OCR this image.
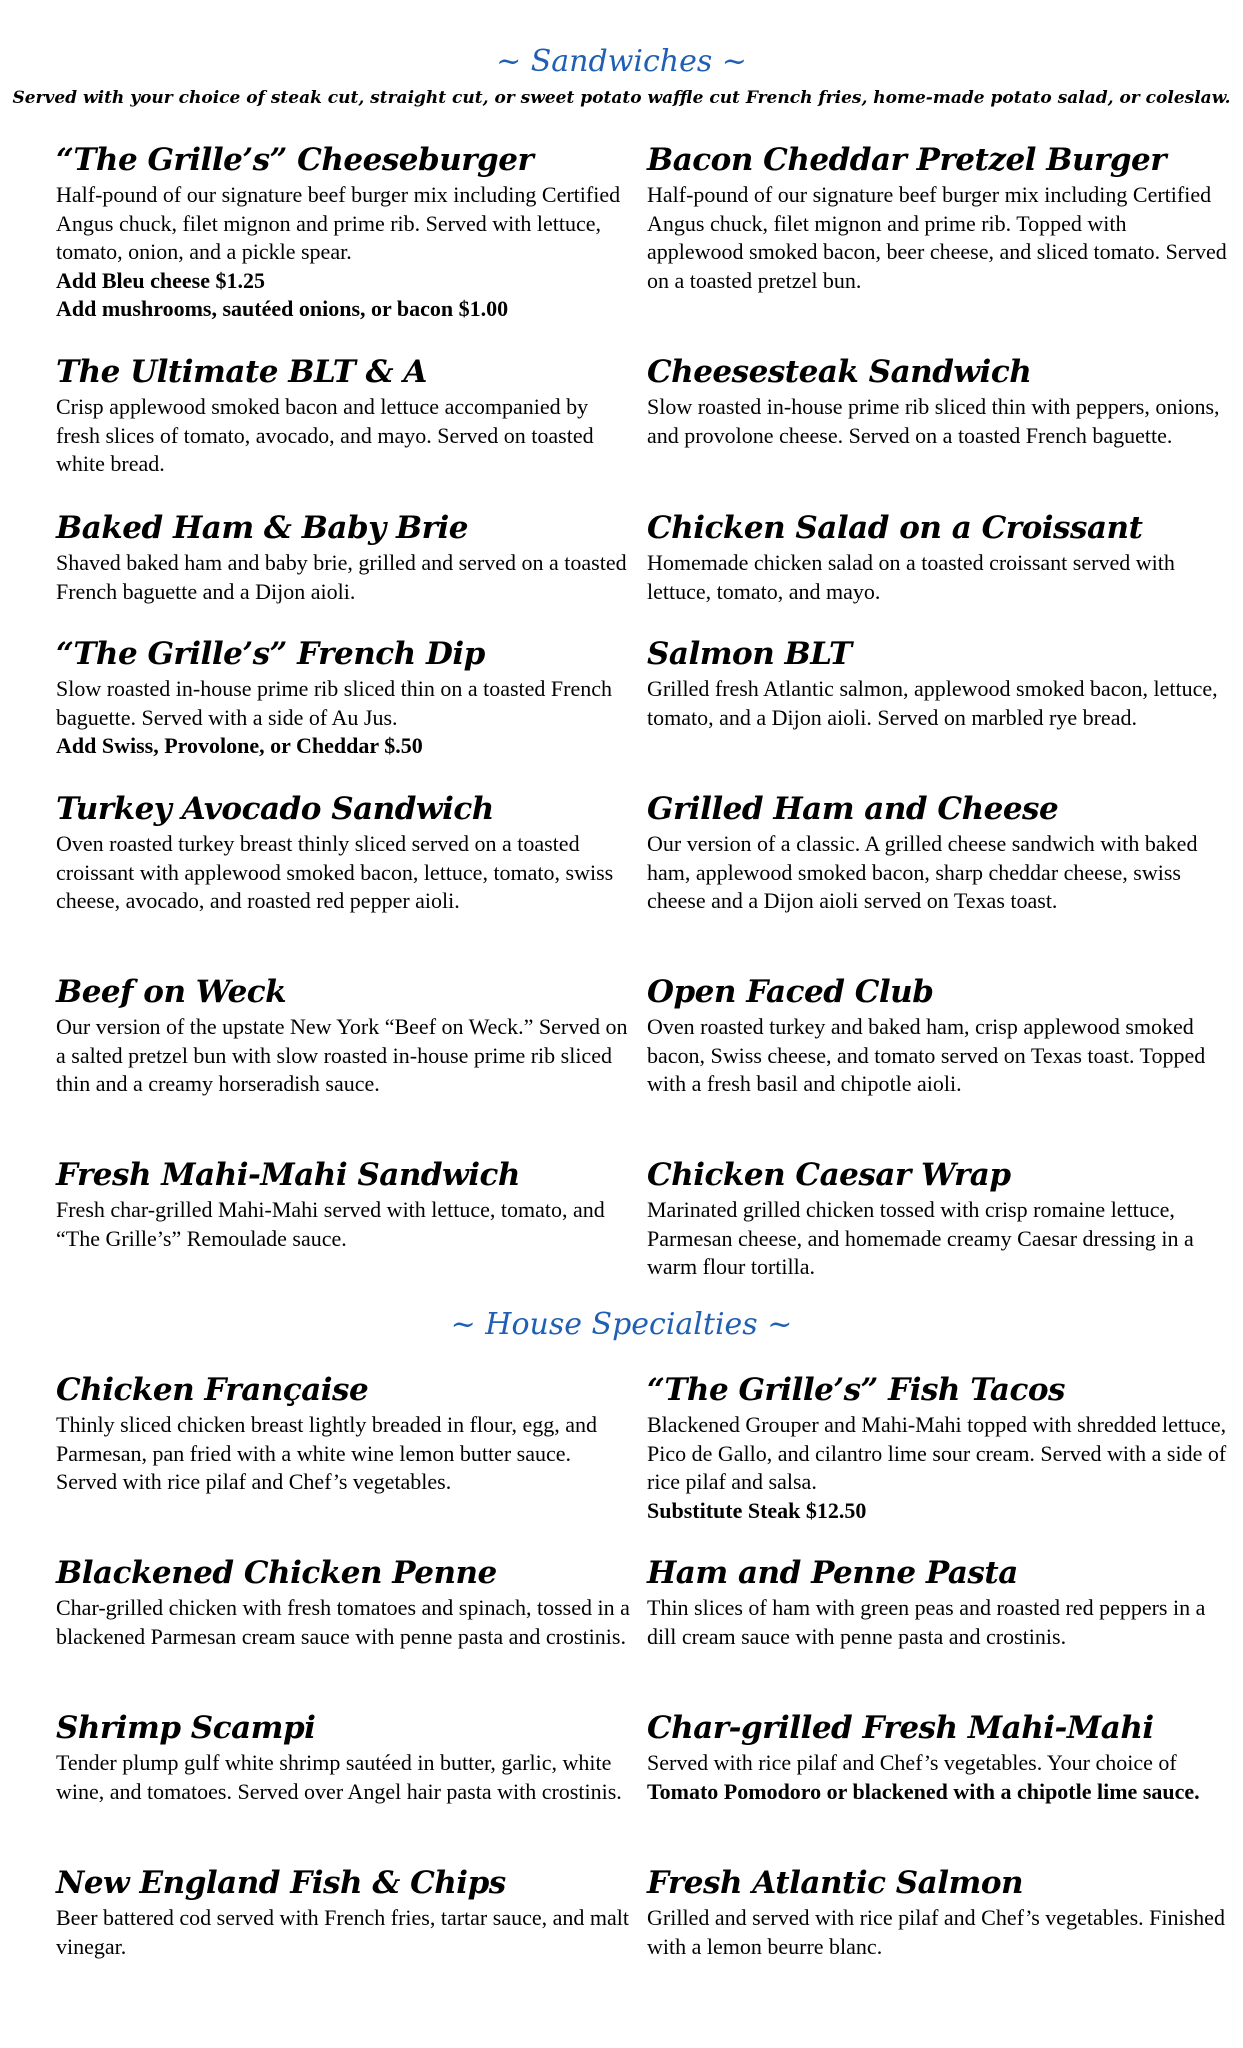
~ Sandwiches ~
Served with your choice of steak cut, straight cut, or sweet potato waffle cut French fries, home-made potato salad, or coleslaw.
“The Grille’s” Cheeseburger
Half-pound of our signature beef burger mix including Certified Angus chuck, filet mignon and prime rib. Served with lettuce, tomato, onion, and a pickle spear.
Add Bleu cheese $1.25
Add mushrooms, sautéed onions, or bacon $1.00
The Ultimate BLT & A
Crisp applewood smoked bacon and lettuce accompanied by fresh slices of tomato, avocado, and mayo. Served on toasted white bread.
Baked Ham & Baby Brie
Shaved baked ham and baby brie, grilled and served on a toasted French baguette and a Dijon aioli.
“The Grille’s” French Dip
Slow roasted in-house prime rib sliced thin on a toasted French baguette. Served with a side of Au Jus.
Add Swiss, Provolone, or Cheddar $.50
Turkey Avocado Sandwich
Oven roasted turkey breast thinly sliced served on a toasted croissant with applewood smoked bacon, lettuce, tomato, swiss cheese, avocado, and roasted red pepper aioli.
Beef on Weck
Our version of the upstate New York “Beef on Weck.” Served on a salted pretzel bun with slow roasted in-house prime rib sliced thin and a creamy horseradish sauce.
Fresh Mahi-Mahi Sandwich
Fresh char-grilled Mahi-Mahi served with lettuce, tomato, and “The Grille’s” Remoulade sauce.
Bacon Cheddar Pretzel Burger
Half-pound of our signature beef burger mix including Certified Angus chuck, filet mignon and prime rib. Topped with applewood smoked bacon, beer cheese, and sliced tomato. Served on a toasted pretzel bun.
Cheesesteak Sandwich
Slow roasted in-house prime rib sliced thin with peppers, onions, and provolone cheese. Served on a toasted French baguette.
Chicken Salad on a Croissant
Homemade chicken salad on a toasted croissant served with lettuce, tomato, and mayo.
Salmon BLT
Grilled fresh Atlantic salmon, applewood smoked bacon, lettuce, tomato, and a Dijon aioli. Served on marbled rye bread.
Grilled Ham and Cheese
Our version of a classic. A grilled cheese sandwich with baked ham, applewood smoked bacon, sharp cheddar cheese, swiss cheese and a Dijon aioli served on Texas toast.
Open Faced Club
Oven roasted turkey and baked ham, crisp applewood smoked bacon, Swiss cheese, and tomato served on Texas toast. Topped with a fresh basil and chipotle aioli.
Chicken Caesar Wrap
Marinated grilled chicken tossed with crisp romaine lettuce, Parmesan cheese, and homemade creamy Caesar dressing in a warm flour tortilla.
~ House Specialties ~
Chicken Française
Thinly sliced chicken breast lightly breaded in flour, egg, and Parmesan, pan fried with a white wine lemon butter sauce. Served with rice pilaf and Chef’s vegetables.
Blackened Chicken Penne
Char-grilled chicken with fresh tomatoes and spinach, tossed in a blackened Parmesan cream sauce with penne pasta and crostinis.
Shrimp Scampi
Tender plump gulf white shrimp sautéed in butter, garlic, white wine, and tomatoes. Served over Angel hair pasta with crostinis.
New England Fish & Chips
Beer battered cod served with French fries, tartar sauce, and malt vinegar.
“The Grille’s” Fish Tacos
Blackened Grouper and Mahi-Mahi topped with shredded lettuce, Pico de Gallo, and cilantro lime sour cream. Served with a side of rice pilaf and salsa.
Substitute Steak $12.50
Ham and Penne Pasta
Thin slices of ham with green peas and roasted red peppers in a dill cream sauce with penne pasta and crostinis.
Char-grilled Fresh Mahi-Mahi
Served with rice pilaf and Chef’s vegetables. Your choice of Tomato Pomodoro or blackened with a chipotle lime sauce.
Fresh Atlantic Salmon
Grilled and served with rice pilaf and Chef’s vegetables. Finished with a lemon beurre blanc.
